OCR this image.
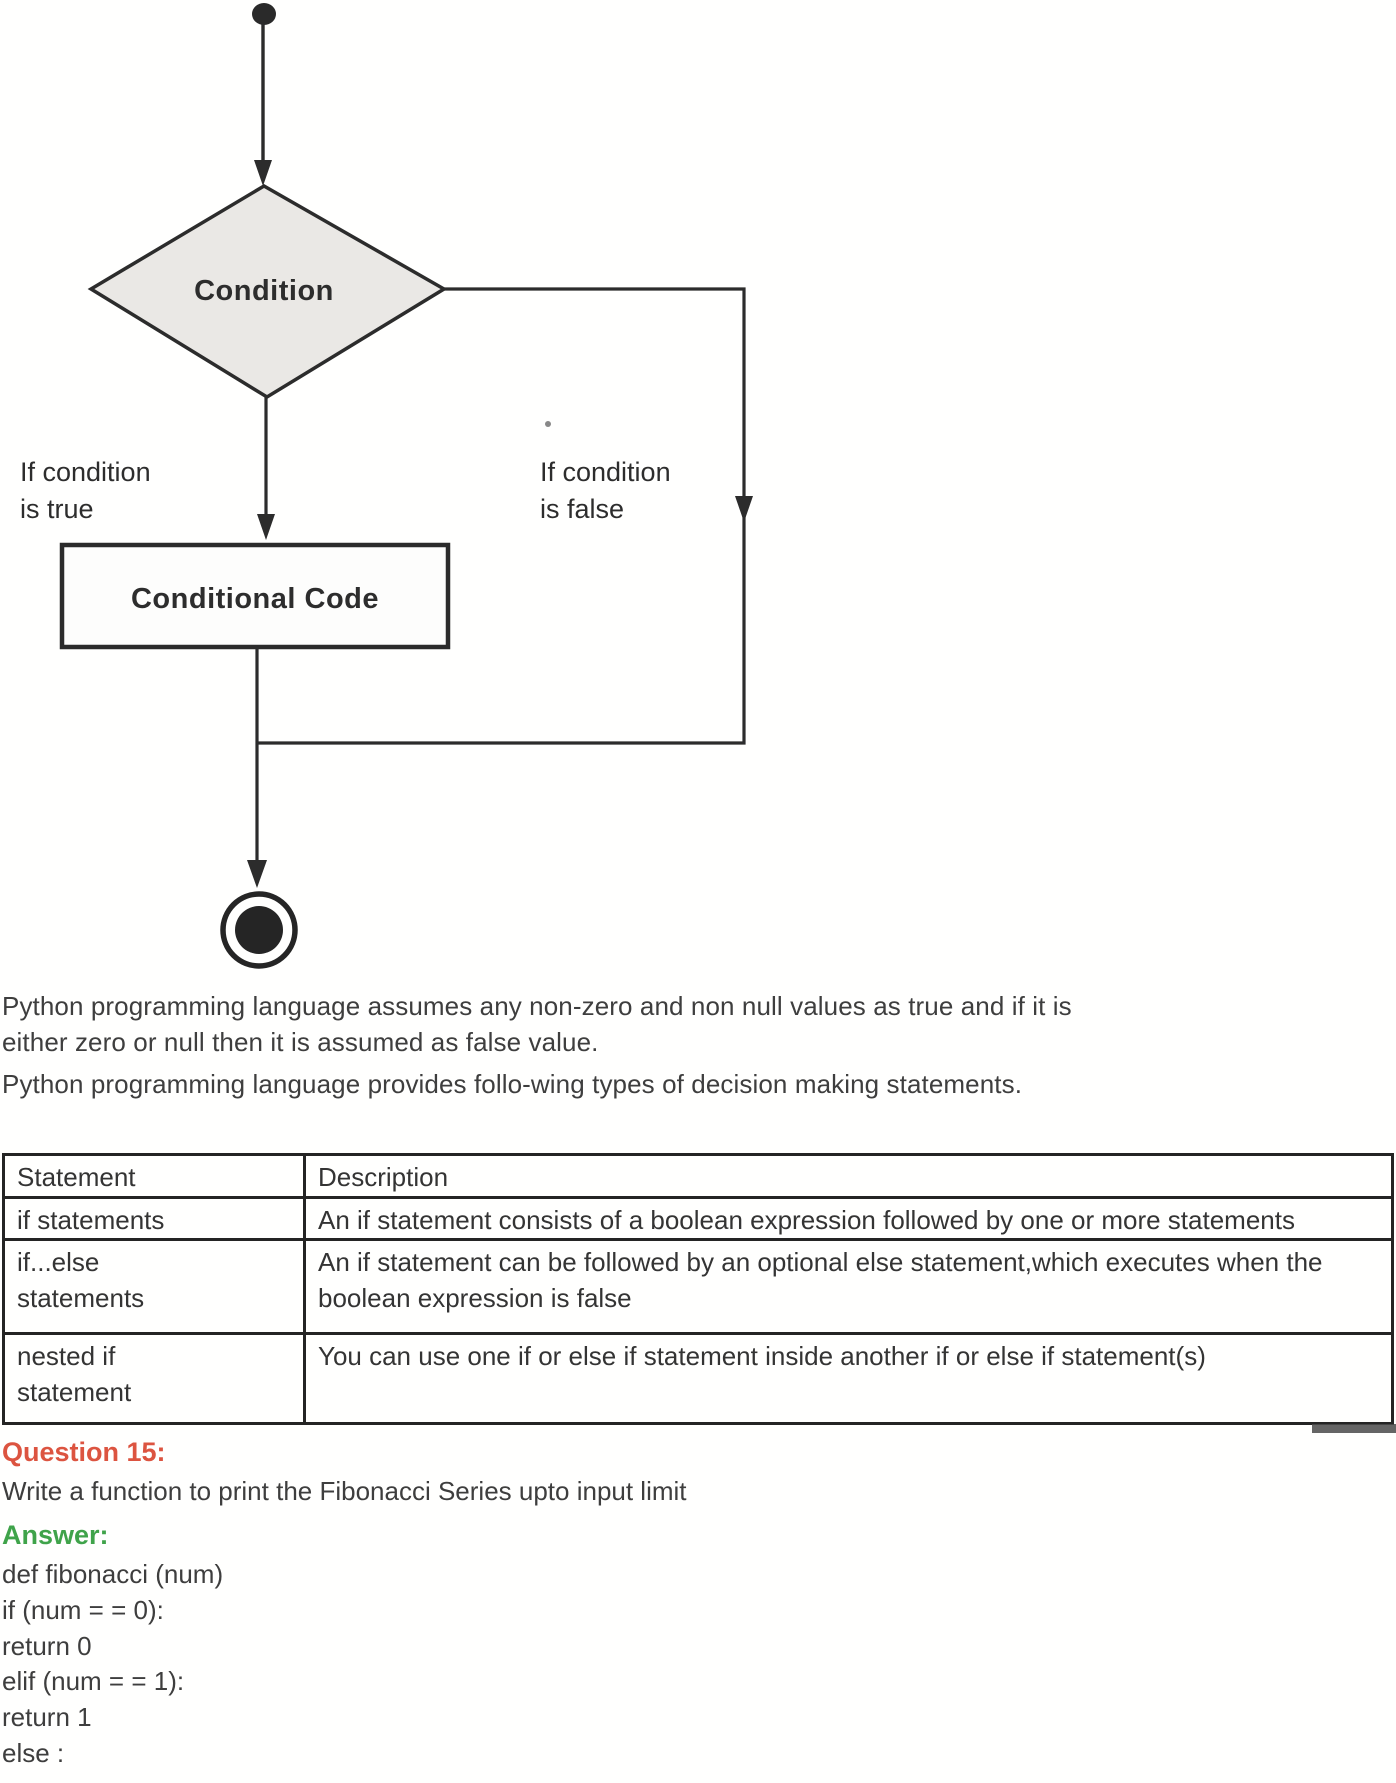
Condition
If condition
is true
If condition
is false
Conditional Code
Python programming language assumes any non-zero and non null values as true and if it is
either zero or null then it is assumed as false value.
Python programming language provides follo-wing types of decision making statements.
Statement	Description

if statements	An if statement consists of a boolean expression followed by one or more statements

if...else
statements	An if statement can be followed by an optional else statement,which executes when the
boolean expression is false

nested if
statement	You can use one if or else if statement inside another if or else if statement(s)
Question 15:
Write a function to print the Fibonacci Series upto input limit
Answer:
def fibonacci (num)
if (num = = 0):
return 0
elif (num = = 1):
return 1
else :
